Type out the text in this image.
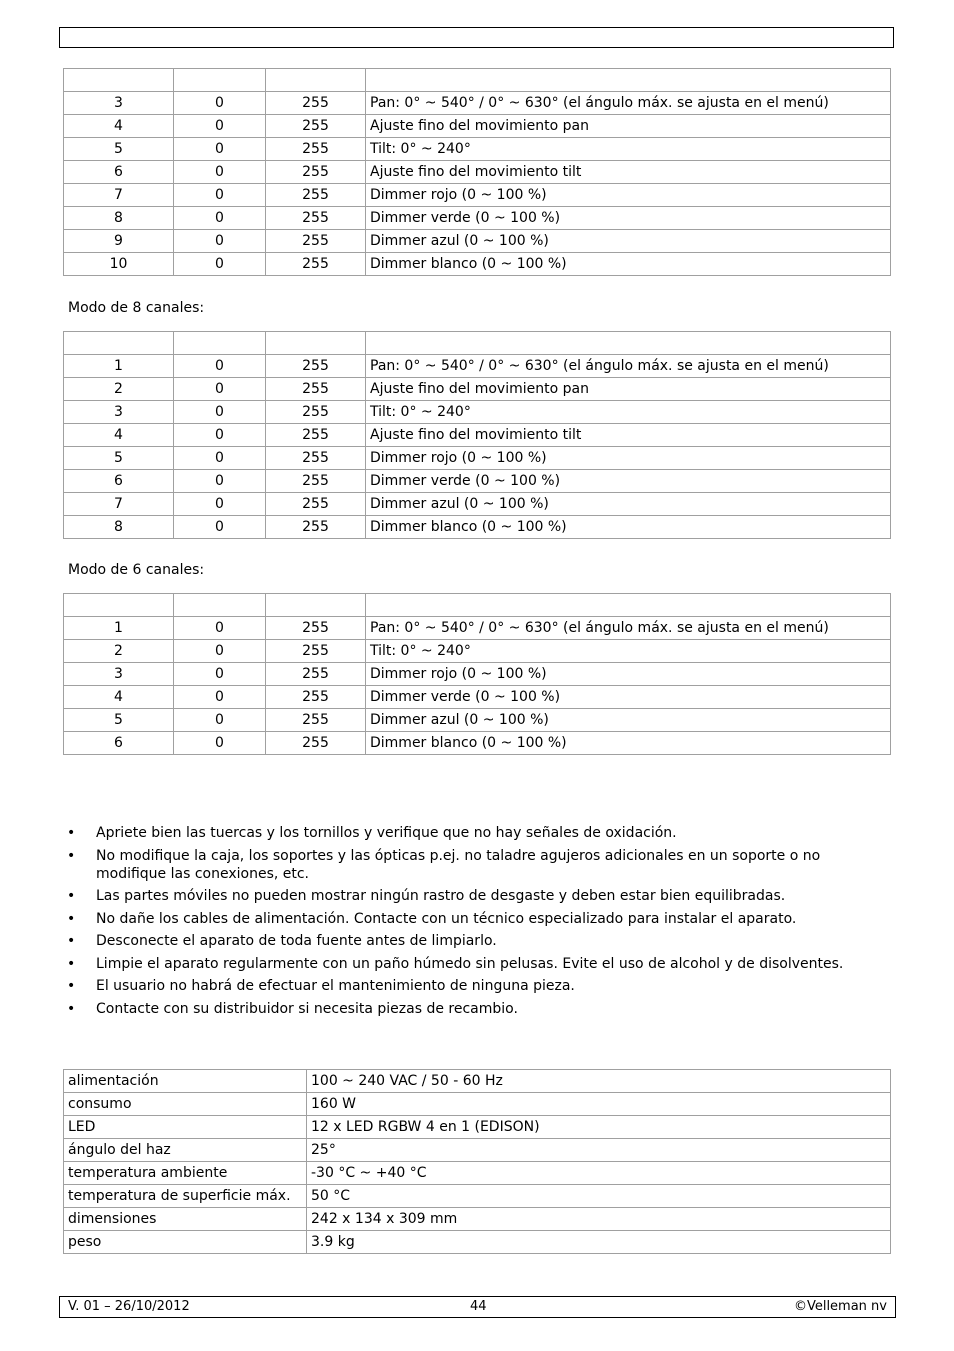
3	0	255	Pan: 0° ~ 540° / 0° ~ 630° (el ángulo máx. se ajusta en el menú)
4	0	255	Ajuste fino del movimiento pan
5	0	255	Tilt: 0° ~ 240°
6	0	255	Ajuste fino del movimiento tilt
7	0	255	Dimmer rojo (0 ~ 100 %)
8	0	255	Dimmer verde (0 ~ 100 %)
9	0	255	Dimmer azul (0 ~ 100 %)
10	0	255	Dimmer blanco (0 ~ 100 %)
Modo de 8 canales:

1	0	255	Pan: 0° ~ 540° / 0° ~ 630° (el ángulo máx. se ajusta en el menú)
2	0	255	Ajuste fino del movimiento pan
3	0	255	Tilt: 0° ~ 240°
4	0	255	Ajuste fino del movimiento tilt
5	0	255	Dimmer rojo (0 ~ 100 %)
6	0	255	Dimmer verde (0 ~ 100 %)
7	0	255	Dimmer azul (0 ~ 100 %)
8	0	255	Dimmer blanco (0 ~ 100 %)
Modo de 6 canales:

1	0	255	Pan: 0° ~ 540° / 0° ~ 630° (el ángulo máx. se ajusta en el menú)
2	0	255	Tilt: 0° ~ 240°
3	0	255	Dimmer rojo (0 ~ 100 %)
4	0	255	Dimmer verde (0 ~ 100 %)
5	0	255	Dimmer azul (0 ~ 100 %)
6	0	255	Dimmer blanco (0 ~ 100 %)
• Apriete bien las tuercas y los tornillos y verifique que no hay señales de oxidación.
• No modifique la caja, los soportes y las ópticas p.ej. no taladre agujeros adicionales en un soporte o no modifique las conexiones, etc.
• Las partes móviles no pueden mostrar ningún rastro de desgaste y deben estar bien equilibradas.
• No dañe los cables de alimentación. Contacte con un técnico especializado para instalar el aparato.
• Desconecte el aparato de toda fuente antes de limpiarlo.
• Limpie el aparato regularmente con un paño húmedo sin pelusas. Evite el uso de alcohol y de disolventes.
• El usuario no habrá de efectuar el mantenimiento de ninguna pieza.
• Contacte con su distribuidor si necesita piezas de recambio.
alimentación	100 ~ 240 VAC / 50 - 60 Hz
consumo	160 W
LED	12 x LED RGBW 4 en 1 (EDISON)
ángulo del haz	25°
temperatura ambiente	-30 °C ~ +40 °C
temperatura de superficie máx.	50 °C
dimensiones	242 x 134 x 309 mm
peso	3.9 kg
V. 01 – 26/10/2012	44	©Velleman nv
